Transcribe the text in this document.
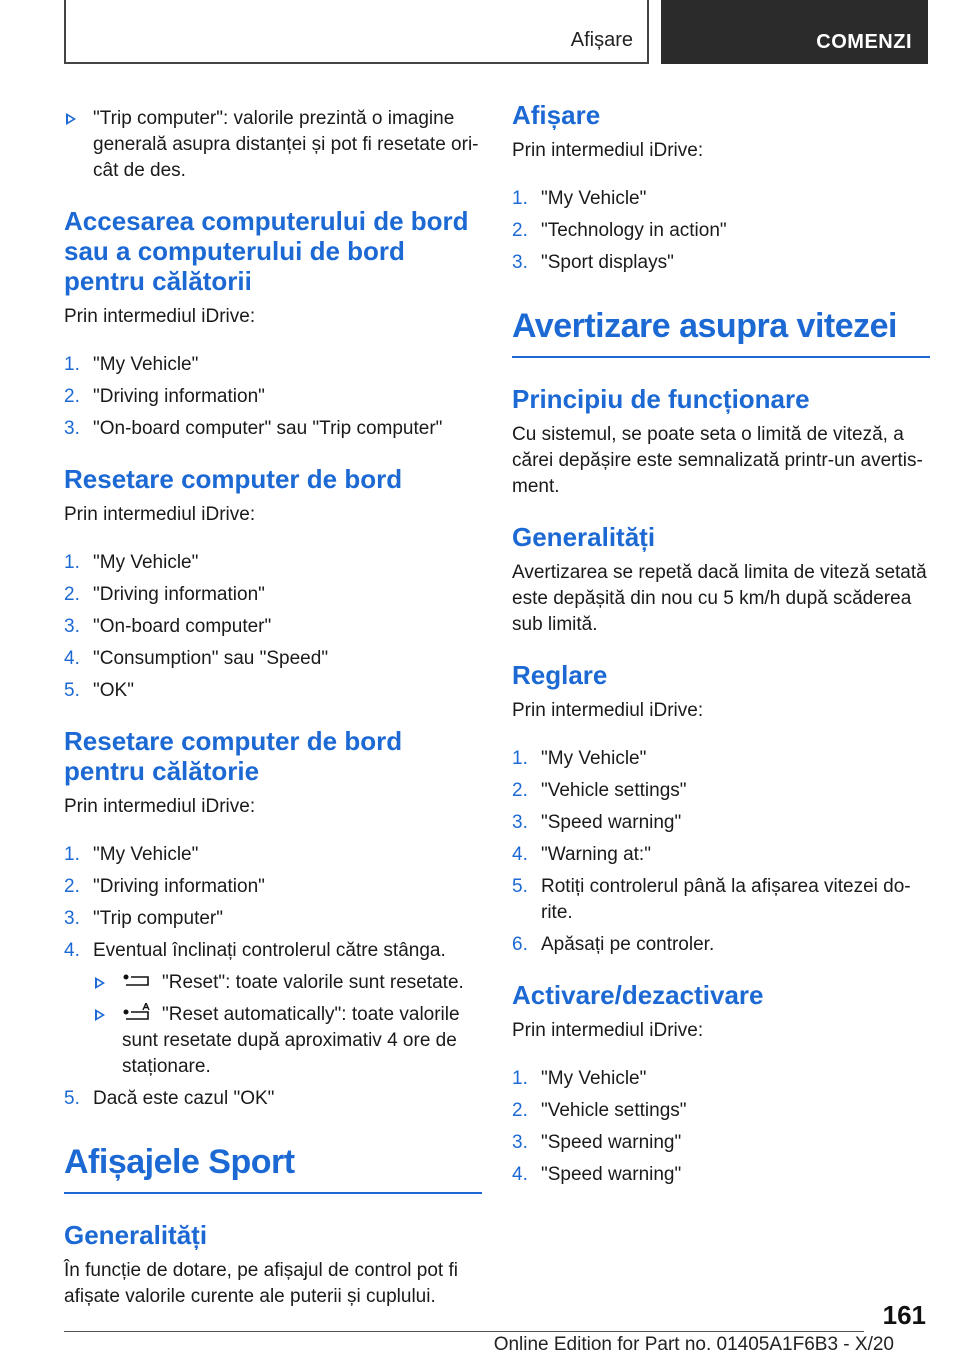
Afișare	COMENZI
"Trip computer": valorile prezintă o imagine generală asupra distanței și pot fi resetate ori-cât de des.
Accesarea computerului de bord sau a computerului de bord pentru călătorii

Prin intermediul iDrive:

1. "My Vehicle"
2. "Driving information"
3. "On-board computer" sau "Trip computer"
Resetare computer de bord

Prin intermediul iDrive:

1. "My Vehicle"
2. "Driving information"
3. "On-board computer"
4. "Consumption" sau "Speed"
5. "OK"
Resetare computer de bord pentru călătorie

Prin intermediul iDrive:

1. "My Vehicle"
2. "Driving information"
3. "Trip computer"
4. Eventual înclinați controlerul către stânga.
"Reset": toate valorile sunt resetate.
"Reset automatically": toate valorile sunt resetate după aproximativ 4 ore de staționare.
5. Dacă este cazul "OK"
Afișajele Sport
Generalități

În funcție de dotare, pe afișajul de control pot fi afișate valorile curente ale puterii și cuplului.

Afișare

Prin intermediul iDrive:

1. "My Vehicle"
2. "Technology in action"
3. "Sport displays"
Avertizare asupra vitezei
Principiu de funcționare

Cu sistemul, se poate seta o limită de viteză, a cărei depășire este semnalizată printr-un avertis-ment.

Generalități

Avertizarea se repetă dacă limita de viteză setată este depășită din nou cu 5 km/h după scăderea sub limită.

Reglare

Prin intermediul iDrive:

1. "My Vehicle"
2. "Vehicle settings"
3. "Speed warning"
4. "Warning at:"
5. Rotiți controlerul până la afișarea vitezei do-rite.
6. Apăsați pe controler.
Activare/dezactivare

Prin intermediul iDrive:

1. "My Vehicle"
2. "Vehicle settings"
3. "Speed warning"
4. "Speed warning"
161
Online Edition for Part no. 01405A1F6B3 - X/20
